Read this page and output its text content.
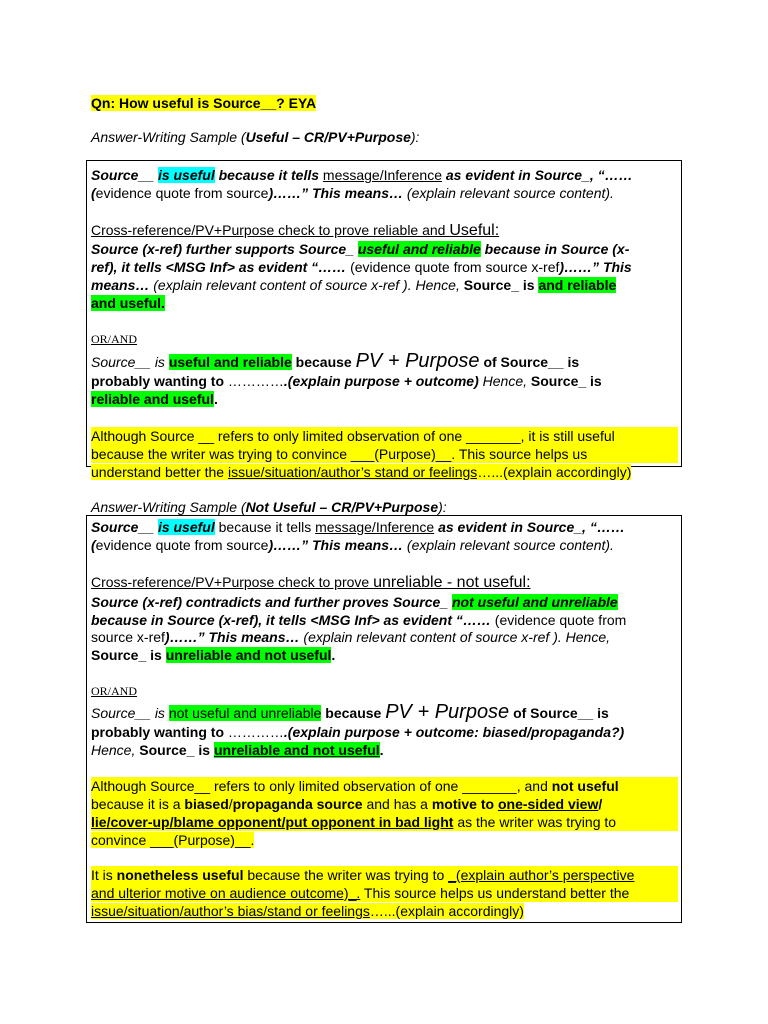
Qn: How useful is Source__? EYA
Answer-Writing Sample (Useful – CR/PV+Purpose):
Source__ is useful because it tells message/Inference as evident in Source_, “……
(evidence quote from source)……” This means… (explain relevant source content).
Cross-reference/PV+Purpose check to prove reliable and Useful:
Source (x-ref) further supports Source_ useful and reliable because in Source (x-
ref), it tells <MSG Inf> as evident “…… (evidence quote from source x-ref)……” This
means… (explain relevant content of source x-ref ). Hence, Source_ is and reliable
and useful.
OR/AND
Source__ is useful and reliable because PV + Purpose of Source__ is
probably wanting to ………….(explain purpose + outcome) Hence, Source_ is
reliable and useful.
Although Source __ refers to only limited observation of one _______, it is still useful
because the writer was trying to convince ___(Purpose)__. This source helps us
understand better the issue/situation/author’s stand or feelings…...(explain accordingly)
Answer-Writing Sample (Not Useful – CR/PV+Purpose):
Source__ is useful because it tells message/Inference as evident in Source_, “……
(evidence quote from source)……” This means… (explain relevant source content).
Cross-reference/PV+Purpose check to prove unreliable - not useful:
Source (x-ref) contradicts and further proves Source_ not useful and unreliable
because in Source (x-ref), it tells <MSG Inf> as evident “…… (evidence quote from
source x-ref)……” This means… (explain relevant content of source x-ref ). Hence,
Source_ is unreliable and not useful.
OR/AND
Source__ is not useful and unreliable because PV + Purpose of Source__ is
probably wanting to ………….(explain purpose + outcome: biased/propaganda?)
Hence, Source_ is unreliable and not useful.
Although Source__ refers to only limited observation of one _______, and not useful
because it is a biased/propaganda source and has a motive to one-sided view/
lie/cover-up/blame opponent/put opponent in bad light as the writer was trying to
convince ___(Purpose)__.
It is nonetheless useful because the writer was trying to _(explain author’s perspective
and ulterior motive on audience outcome)_. This source helps us understand better the
issue/situation/author’s bias/stand or feelings…...(explain accordingly)
